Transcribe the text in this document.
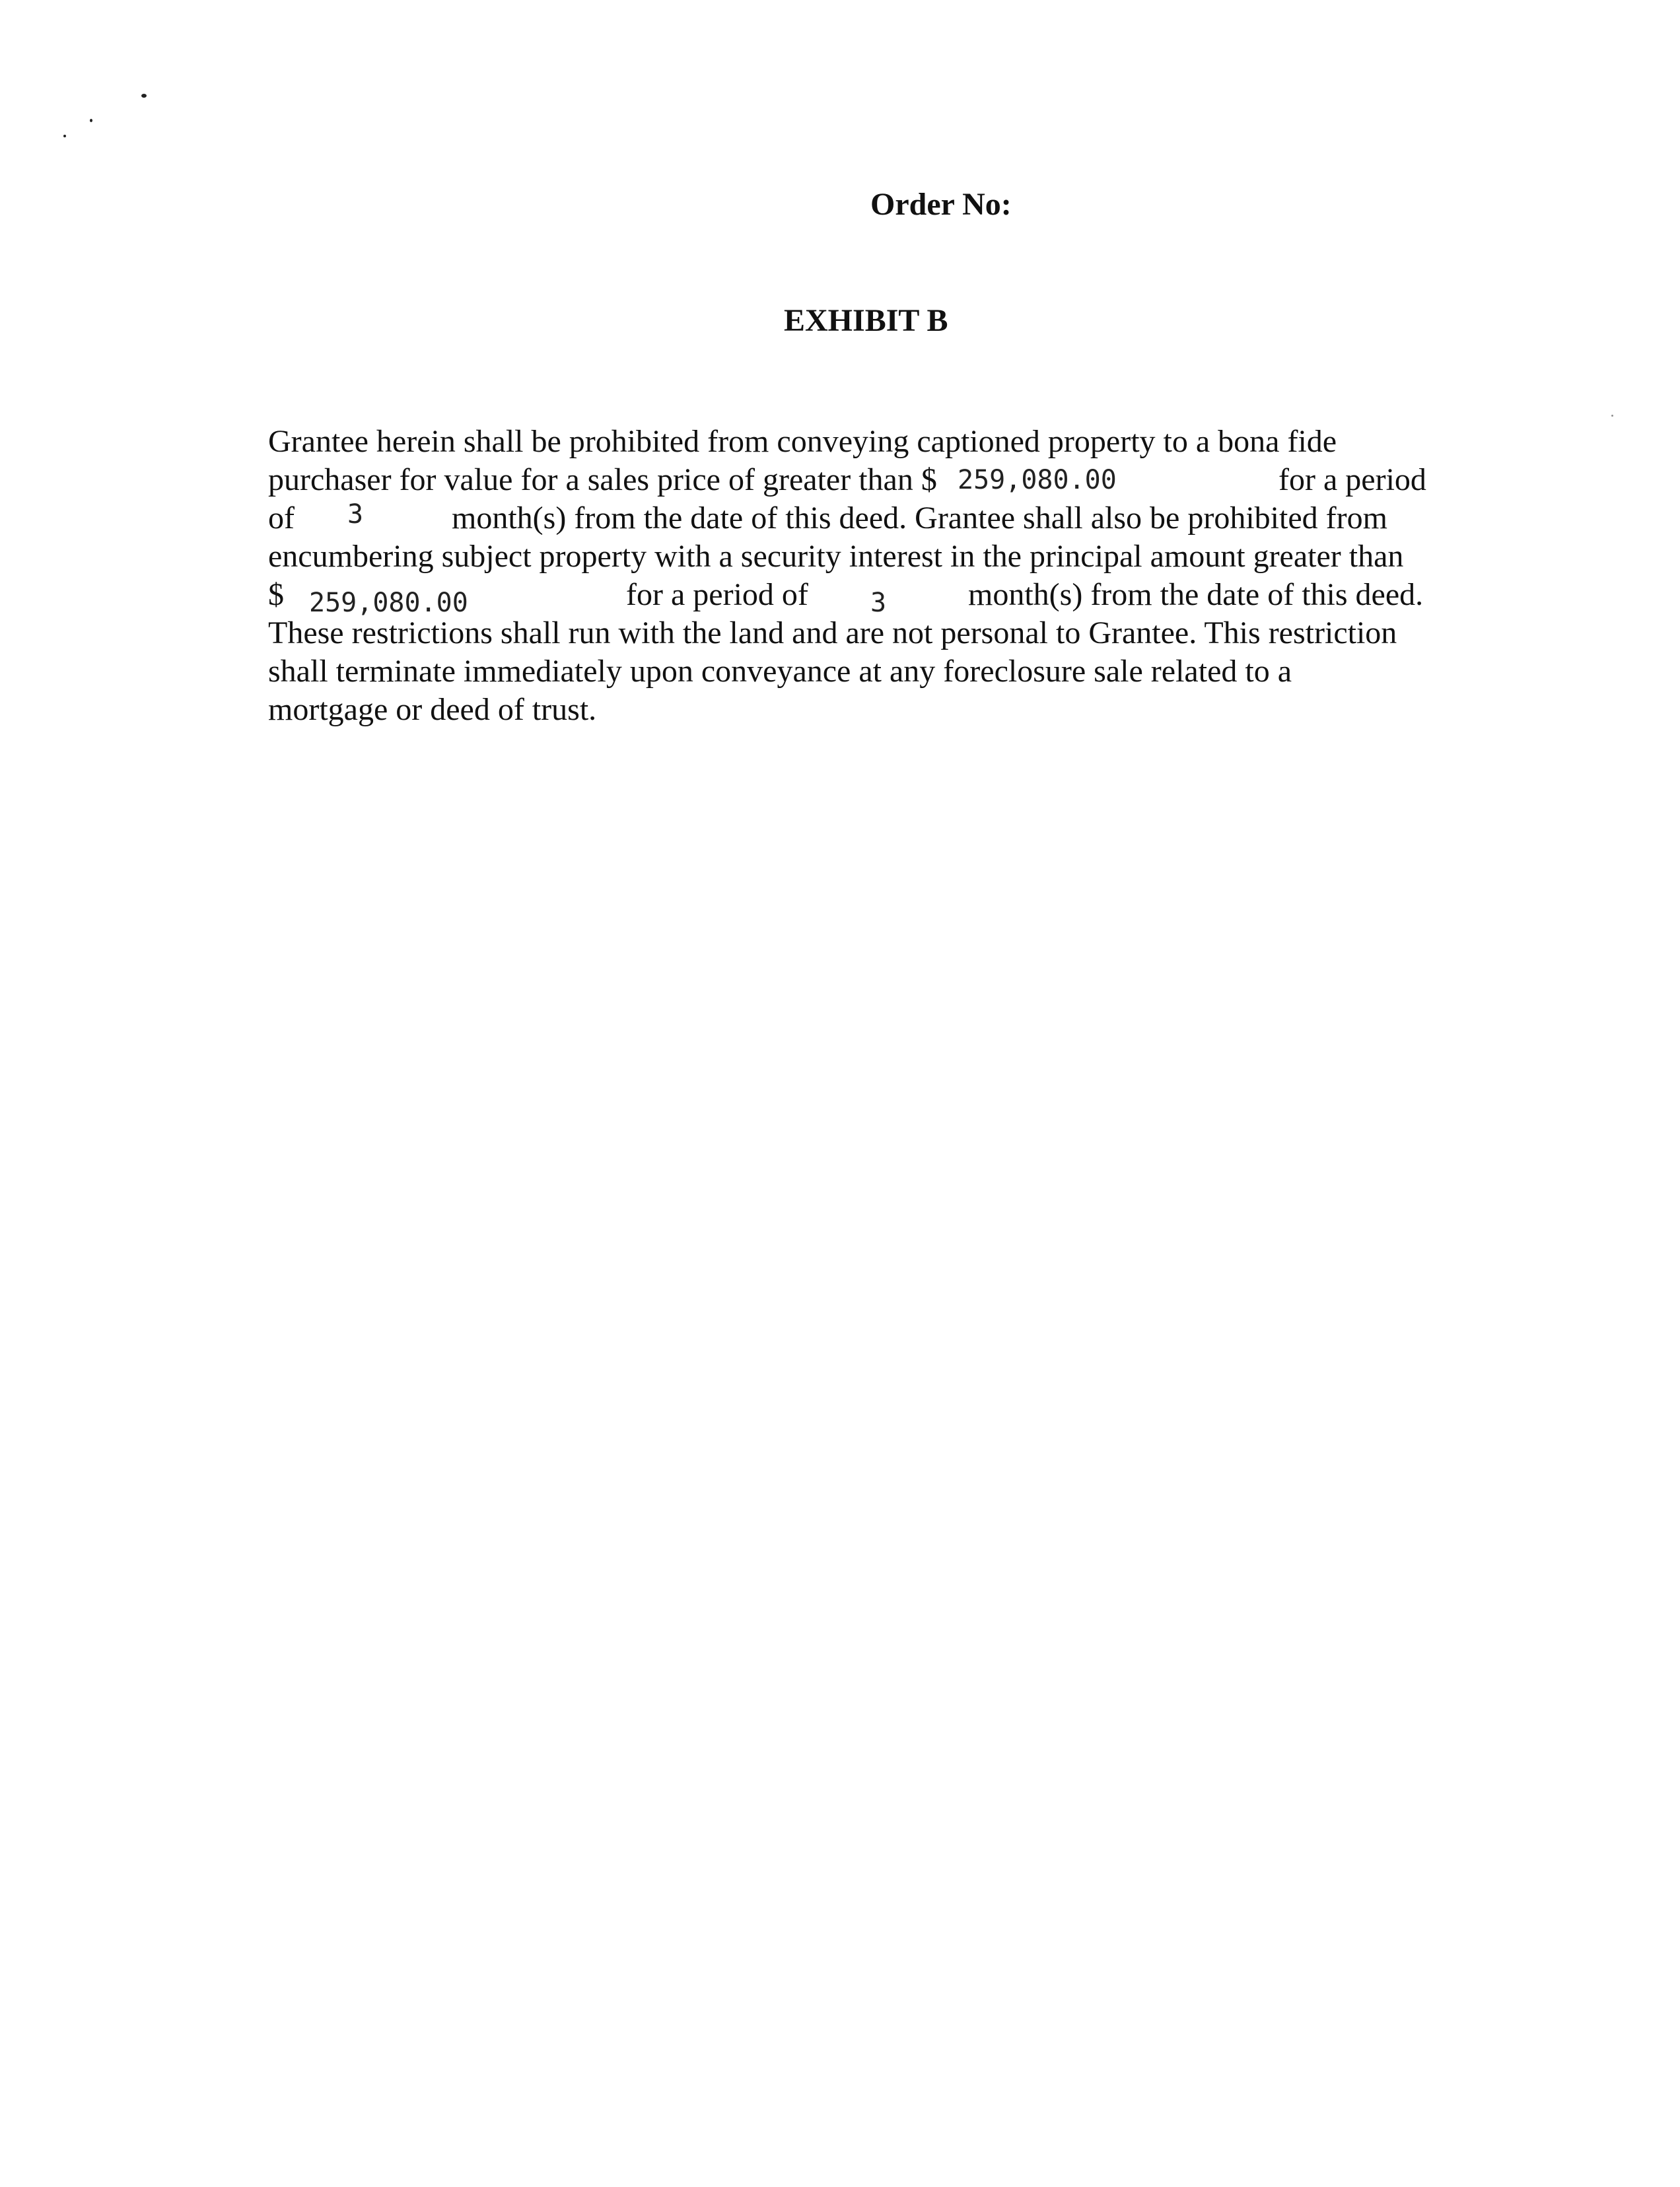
Order No:
EXHIBIT B
Grantee herein shall be prohibited from conveying captioned property to a bona fide
purchaser for value for a sales price of greater than $ 259,080.00	for a period
of 3	month(s) from the date of this deed. Grantee shall also be prohibited from
encumbering subject property with a security interest in the principal amount greater than
$ 259,080.00	for a period of 3	month(s) from the date of this deed.
These restrictions shall run with the land and are not personal to Grantee. This restriction
shall terminate immediately upon conveyance at any foreclosure sale related to a
mortgage or deed of trust.
